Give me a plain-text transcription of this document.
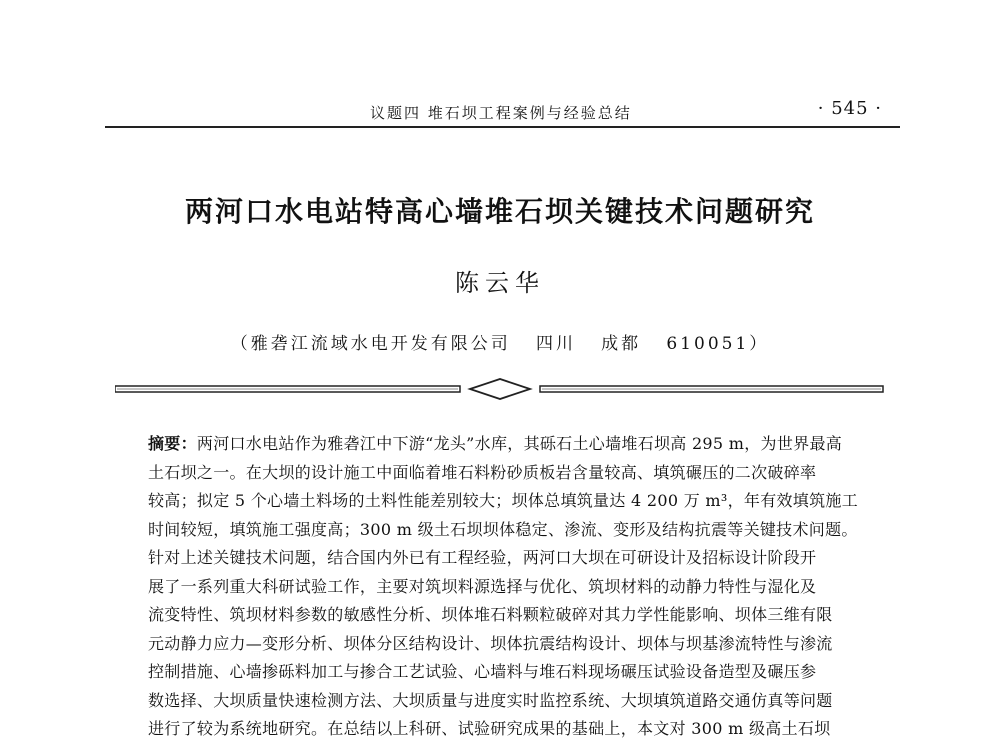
议题四 堆石坝工程案例与经验总结	· 545 ·
两河口水电站特高心墙堆石坝关键技术问题研究
陈云华
（雅砻江流域水电开发有限公司   四川   成都   610051）
摘要：两河口水电站作为雅砻江中下游“龙头”水库，其砾石土心墙堆石坝高 295 m，为世界最高
土石坝之一。在大坝的设计施工中面临着堆石料粉砂质板岩含量较高、填筑碾压的二次破碎率
较高；拟定 5 个心墙土料场的土料性能差别较大；坝体总填筑量达 4 200 万 m³，年有效填筑施工
时间较短，填筑施工强度高；300 m 级土石坝坝体稳定、渗流、变形及结构抗震等关键技术问题。
针对上述关键技术问题，结合国内外已有工程经验，两河口大坝在可研设计及招标设计阶段开
展了一系列重大科研试验工作，主要对筑坝料源选择与优化、筑坝材料的动静力特性与湿化及
流变特性、筑坝材料参数的敏感性分析、坝体堆石料颗粒破碎对其力学性能影响、坝体三维有限
元动静力应力—变形分析、坝体分区结构设计、坝体抗震结构设计、坝体与坝基渗流特性与渗流
控制措施、心墙掺砾料加工与掺合工艺试验、心墙料与堆石料现场碾压试验设备造型及碾压参
数选择、大坝质量快速检测方法、大坝质量与进度实时监控系统、大坝填筑道路交通仿真等问题
进行了较为系统地研究。在总结以上科研、试验研究成果的基础上，本文对 300 m 级高土石坝
